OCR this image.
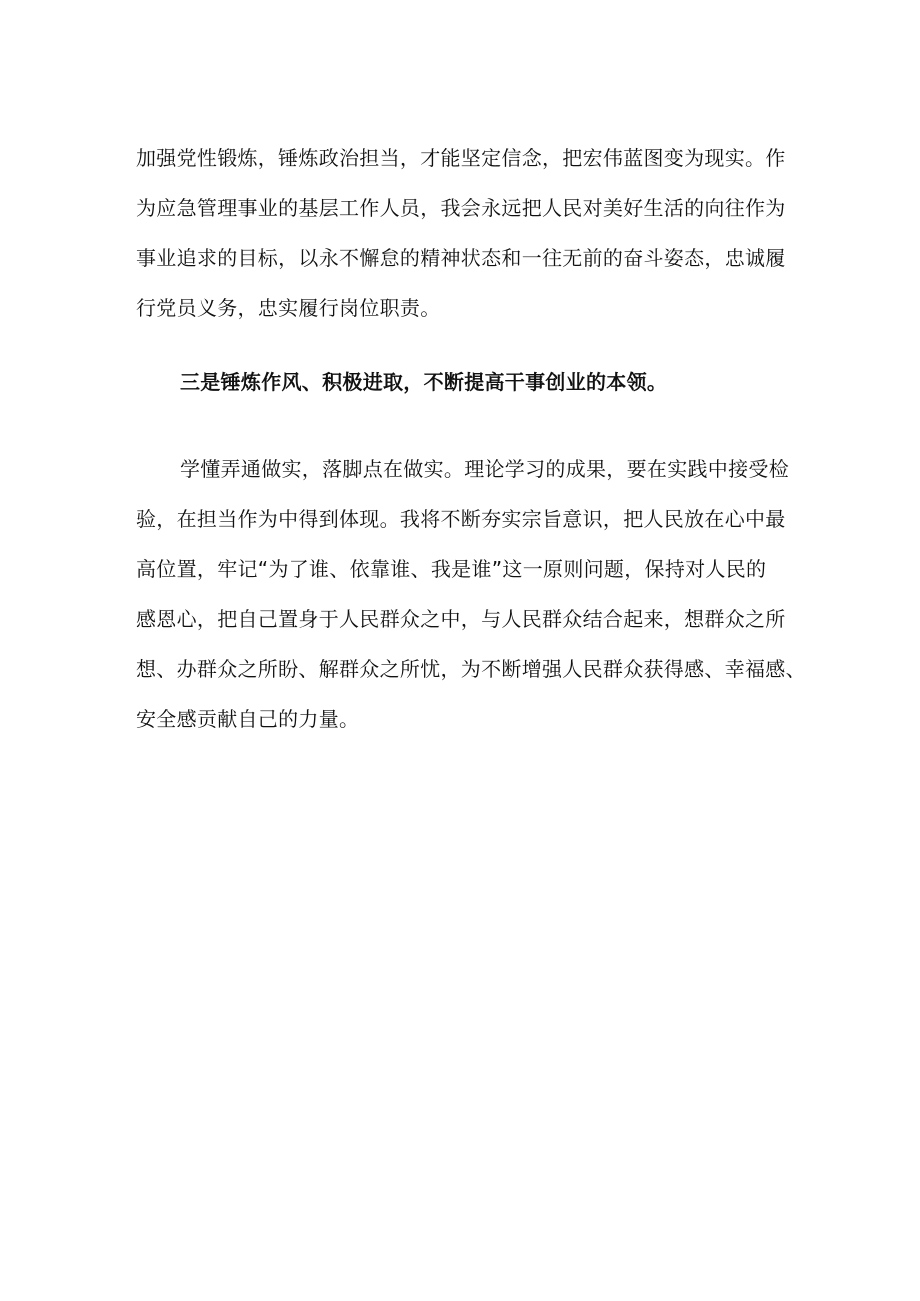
加强党性锻炼，锤炼政治担当，才能坚定信念，把宏伟蓝图变为现实。作
为应急管理事业的基层工作人员，我会永远把人民对美好生活的向往作为
事业追求的目标，以永不懈怠的精神状态和一往无前的奋斗姿态，忠诚履
行党员义务，忠实履行岗位职责。
三是锤炼作风、积极进取，不断提高干事创业的本领。
学懂弄通做实，落脚点在做实。理论学习的成果，要在实践中接受检
验，在担当作为中得到体现。我将不断夯实宗旨意识，把人民放在心中最
高位置，牢记“为了谁、依靠谁、我是谁”这一原则问题，保持对人民的
感恩心，把自己置身于人民群众之中，与人民群众结合起来，想群众之所
想、办群众之所盼、解群众之所忧，为不断增强人民群众获得感、幸福感、
安全感贡献自己的力量。
